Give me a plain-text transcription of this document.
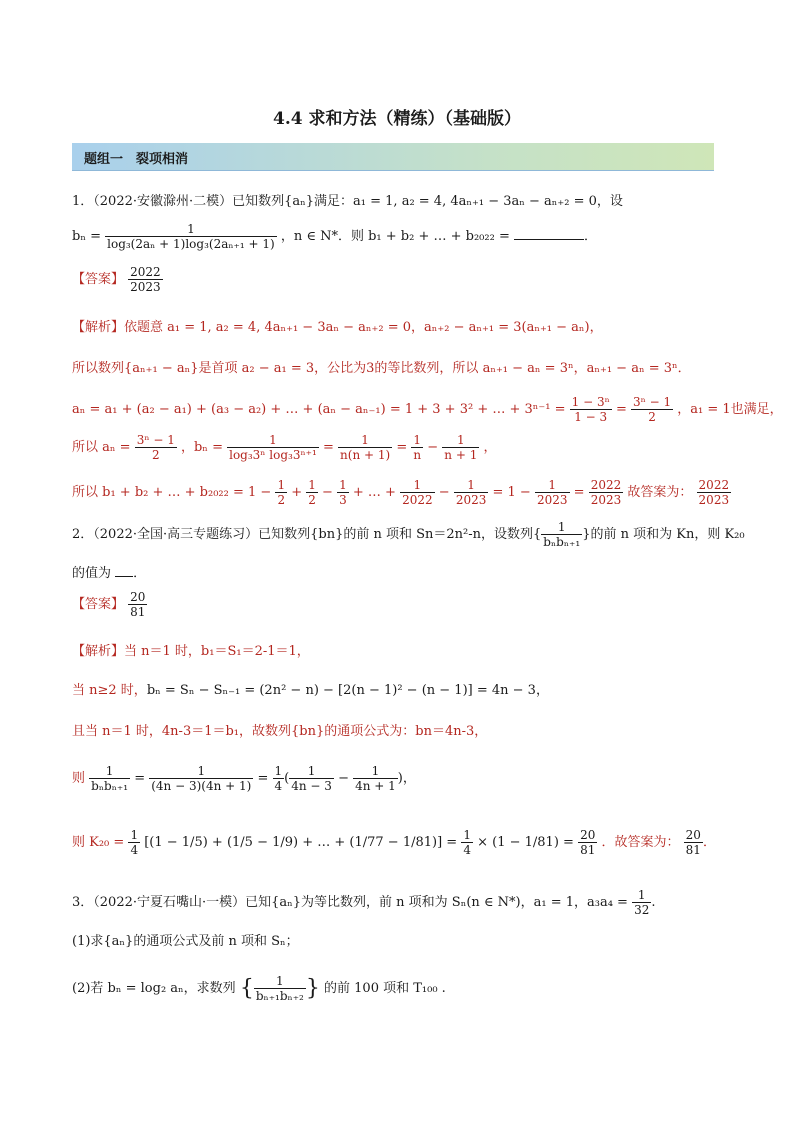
4.4 求和方法（精练）（基础版）
题组一　裂项相消
1．（2022·安徽滁州·二模）已知数列{aₙ}满足：a₁ = 1, a₂ = 4, 4aₙ₊₁ − 3aₙ − aₙ₊₂ = 0，设
$b_n = \frac{1}{\text{log₃(2aₙ + 1)log₃(2aₙ₊₁ + 1)}}$ ，n ∈ N*．则 b₁ + b₂ + … + b₂₀₂₂ =	．
【答案】 $\frac{2022}{2023}$
【解析】依题意 a₁ = 1, a₂ = 4, 4aₙ₊₁ − 3aₙ − aₙ₊₂ = 0，aₙ₊₂ − aₙ₊₁ = 3(aₙ₊₁ − aₙ)，
所以数列{aₙ₊₁ − aₙ}是首项 a₂ − a₁ = 3，公比为3的等比数列，所以 aₙ₊₁ − aₙ = 3ⁿ，aₙ₊₁ − aₙ = 3ⁿ．
aₙ = a₁ + (a₂ − a₁) + (a₃ − a₂) + … + (aₙ − aₙ₋₁) = 1 + 3 + 3² + … + $3^{n-1} = \frac{\text{1 − 3ⁿ}}{1 - 3} = \frac{\text{3ⁿ − 1}}{2}$ ，a₁ = 1也满足，
所以 $a_n = \frac{\text{3ⁿ − 1}}{2}$ ，$b_n = \frac{1}{\text{log₃3ⁿ log₃3ⁿ⁺¹}} = \frac{1}{n(n + 1)} = \frac{1}{n} - \frac{1}{n + 1}$ ，
所以 b₁ + b₂ + … + $b_{2022} = 1 - \frac{1}{2} + \frac{1}{2} - \frac{1}{3}$ + … + $\frac{1}{2022} - \frac{1}{2023} = 1 - \frac{1}{2023} = \frac{2022}{2023}$ 故答案为： $\frac{2022}{2023}$
2．（2022·全国·高三专题练习）已知数列{bn}的前 n 项和 Sn＝2n²-n，设数列{ $\frac{1}{\text{bₙbₙ₊₁}}$ }的前 n 项和为 Kn，则 K₂₀
的值为 ．
【答案】 $\frac{20}{81}$
【解析】当 n＝1 时，b₁＝S₁＝2-1＝1，
当 n≥2 时，bₙ = Sₙ − Sₙ₋₁ = (2n² − n) − [2(n − 1)² − (n − 1)] = 4n − 3，
且当 n＝1 时，4n-3＝1＝b₁，故数列{bn}的通项公式为：bn＝4n-3，
则 $\frac{1}{\text{bₙbₙ₊₁}} = \frac{1}{(4n - 3)(4n + 1)} = \frac{1}{4}$ ( $\frac{1}{4n - 3} - \frac{1}{4n + 1}$ )，
则 $K_{20} = \frac{1}{4} [(1 - 1/5) + (1/5 - 1/9)$ + … + $(1/77 - 1/81)] = \frac{1}{4} \times (1 - 1/81) = \frac{20}{81}$ ．故答案为： $\frac{20}{81}$ ．
3．（2022·宁夏石嘴山·一模）已知{aₙ}为等比数列，前 n 项和为 Sₙ(n ∈ N*)，a₁ = 1，$a_3a_4 = \frac{1}{32}$ .
(1)求{aₙ}的通项公式及前 n 项和 Sₙ；
(2)若 bₙ = log₂ aₙ，求数列 { $\frac{1}{\text{bₙ₊₁bₙ₊₂}}$ } 的前 100 项和 T₁₀₀ .
